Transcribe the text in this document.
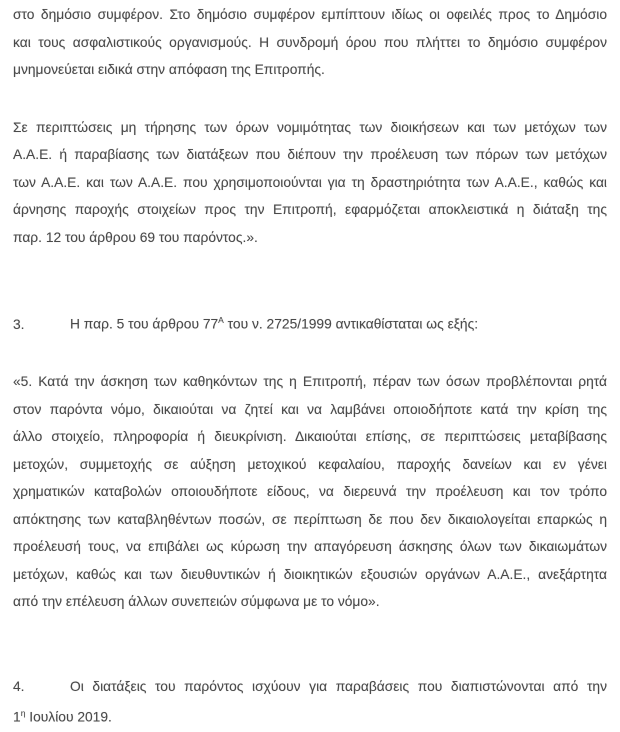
στο δημόσιο συμφέρον. Στο δημόσιο συμφέρον εμπίπτουν ιδίως οι οφειλές προς το Δημόσιο
και τους ασφαλιστικούς οργανισμούς. Η συνδρομή όρου που πλήττει το δημόσιο συμφέρον
μνημονεύεται ειδικά στην απόφαση της Επιτροπής.
Σε περιπτώσεις μη τήρησης των όρων νομιμότητας των διοικήσεων και των μετόχων των
Α.Α.Ε. ή παραβίασης των διατάξεων που διέπουν την προέλευση των πόρων των μετόχων
των Α.Α.Ε. και των Α.Α.Ε. που χρησιμοποιούνται για τη δραστηριότητα των Α.Α.Ε., καθώς και
άρνησης παροχής στοιχείων προς την Επιτροπή, εφαρμόζεται αποκλειστικά η διάταξη της
παρ. 12 του άρθρου 69 του παρόντος.».
3.	Η παρ. 5 του άρθρου $77^A$ του ν. 2725/1999 αντικαθίσταται ως εξής:
«5. Κατά την άσκηση των καθηκόντων της η Επιτροπή, πέραν των όσων προβλέπονται ρητά
στον παρόντα νόμο, δικαιούται να ζητεί και να λαμβάνει οποιοδήποτε κατά την κρίση της
άλλο στοιχείο, πληροφορία ή διευκρίνιση. Δικαιούται επίσης, σε περιπτώσεις μεταβίβασης
μετοχών, συμμετοχής σε αύξηση μετοχικού κεφαλαίου, παροχής δανείων και εν γένει
χρηματικών καταβολών οποιουδήποτε είδους, να διερευνά την προέλευση και τον τρόπο
απόκτησης των καταβληθέντων ποσών, σε περίπτωση δε που δεν δικαιολογείται επαρκώς η
προέλευσή τους, να επιβάλει ως κύρωση την απαγόρευση άσκησης όλων των δικαιωμάτων
μετόχων, καθώς και των διευθυντικών ή διοικητικών εξουσιών οργάνων Α.Α.Ε., ανεξάρτητα
από την επέλευση άλλων συνεπειών σύμφωνα με το νόμο».
4.	Οι διατάξεις του παρόντος ισχύουν για παραβάσεις που διαπιστώνονται από την
$1^\eta$ Ιουλίου 2019.
